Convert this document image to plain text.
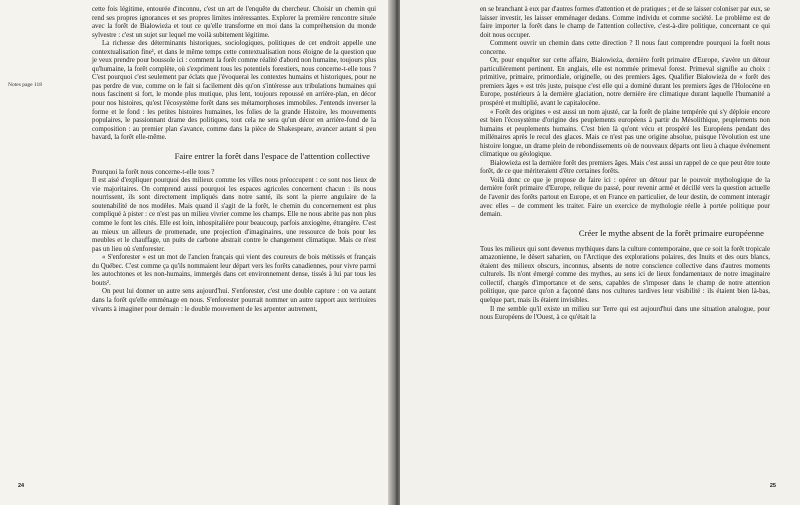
Notes page 118

cette fois légitime, entourée d'inconnu, c'est un art de l'enquête du chercheur. Choisir un chemin qui rend ses propres ignorances et ses propres limites intéressantes. Explorer la première rencontre située avec la forêt de Białowieża et tout ce qu'elle transforme en moi dans la compréhension du monde sylvestre : c'est un sujet sur lequel me voilà subitement légitime.

La richesse des déterminants historiques, sociologiques, politiques de cet endroit appelle une contextualisation fine¹, et dans le même temps cette contextualisation nous éloigne de la question que je veux prendre pour boussole ici : comment la forêt comme réalité d'abord non humaine, toujours plus qu'humaine, la forêt complète, où s'expriment tous les potentiels forestiers, nous concerne-t-elle tous ? C'est pourquoi c'est seulement par éclats que j'évoquerai les contextes humains et historiques, pour ne pas perdre de vue, comme on le fait si facilement dès qu'on s'intéresse aux tribulations humaines qui nous fascinent si fort, le monde plus mutique, plus lent, toujours repoussé en arrière-plan, en décor pour nos histoires, qu'est l'écosystème forêt dans ses métamorphoses immobiles. J'entends inverser la forme et le fond : les petites histoires humaines, les folies de la grande Histoire, les mouvements populaires, le passionnant drame des politiques, tout cela ne sera qu'un décor en arrière-fond de la composition : au premier plan s'avance, comme dans la pièce de Shakespeare, avancer autant si peu bavard, la forêt elle-même.

Faire entrer la forêt dans l'espace de l'attention collective

Pourquoi la forêt nous concerne-t-elle tous ?

Il est aisé d'expliquer pourquoi des milieux comme les villes nous préoccupent : ce sont nos lieux de vie majoritaires. On comprend aussi pourquoi les espaces agricoles concernent chacun : ils nous nourrissent, ils sont directement impliqués dans notre santé, ils sont la pierre angulaire de la soutenabilité de nos modèles. Mais quand il s'agit de la forêt, le chemin du concernement est plus compliqué à pister : ce n'est pas un milieu vivrier comme les champs. Elle ne nous abrite pas non plus comme le font les cités. Elle est loin, inhospitalière pour beaucoup, parfois anxiogène, étrangère. C'est au mieux un ailleurs de promenade, une projection d'imaginaires, une ressource de bois pour les meubles et le chauffage, un puits de carbone abstrait contre le changement climatique. Mais ce n'est pas un lieu où s'enforester.

« S'enforester » est un mot de l'ancien français qui vient des coureurs de bois métissés et français du Québec. C'est comme ça qu'ils nommaient leur départ vers les forêts canadiennes, pour vivre parmi les autochtones et les non-humains, immergés dans cet environnement dense, tissés à lui par tous les bouts².

On peut lui donner un autre sens aujourd'hui. S'enforester, c'est une double capture : on va autant dans la forêt qu'elle emménage en nous. S'enforester pourrait nommer un autre rapport aux territoires vivants à imaginer pour demain : le double mouvement de les arpenter autrement,

24

en se branchant à eux par d'autres formes d'attention et de pratiques ; et de se laisser coloniser par eux, se laisser investir, les laisser emménager dedans. Comme individu et comme société. Le problème est de faire importer la forêt dans le champ de l'attention collective, c'est-à-dire politique, concernant ce qui doit nous occuper.

Comment ouvrir un chemin dans cette direction ? Il nous faut comprendre pourquoi la forêt nous concerne.

Or, pour enquêter sur cette affaire, Białowieża, dernière forêt primaire d'Europe, s'avère un détour particulièrement pertinent. En anglais, elle est nommée primeval forest. Primeval signifie au choix : primitive, primaire, primordiale, originelle, ou des premiers âges. Qualifier Białowieża de « forêt des premiers âges » est très juste, puisque c'est elle qui a dominé durant les premiers âges de l'Holocène en Europe, postérieurs à la dernière glaciation, notre dernière ère climatique durant laquelle l'humanité a prospéré et multiplié, avant le capitalocène.

« Forêt des origines » est aussi un nom ajusté, car la forêt de plaine tempérée qui s'y déploie encore est bien l'écosystème d'origine des peuplements européens à partir du Mésolithique, peuplements non humains et peuplements humains. C'est bien là qu'ont vécu et prospéré les Européens pendant des millénaires après le recul des glaces. Mais ce n'est pas une origine absolue, puisque l'évolution est une histoire longue, un drame plein de rebondissements où de nouveaux départs ont lieu à chaque événement climatique ou géologique.

Białowieża est la dernière forêt des premiers âges. Mais c'est aussi un rappel de ce que peut être toute forêt, de ce que mériteraient d'être certaines forêts.

Voilà donc ce que je propose de faire ici : opérer un détour par le pouvoir mythologique de la dernière forêt primaire d'Europe, relique du passé, pour revenir armé et décillé vers la question actuelle de l'avenir des forêts partout en Europe, et en France en particulier, de leur destin, de comment interagir avec elles – de comment les traiter. Faire un exercice de mythologie réelle à portée politique pour demain.

Créer le mythe absent de la forêt primaire européenne

Tous les milieux qui sont devenus mythiques dans la culture contemporaine, que ce soit la forêt tropicale amazonienne, le désert saharien, ou l'Arctique des explorations polaires, des Inuits et des ours blancs, étaient des milieux obscurs, inconnus, absents de notre conscience collective dans d'autres moments culturels. Ils n'ont émergé comme des mythes, au sens ici de lieux fondamentaux de notre imaginaire collectif, chargés d'importance et de sens, capables de s'imposer dans le champ de notre attention politique, que parce qu'on a façonné dans nos cultures tardives leur visibilité : ils étaient bien là-bas, quelque part, mais ils étaient invisibles.

Il me semble qu'il existe un milieu sur Terre qui est aujourd'hui dans une situation analogue, pour nous Européens de l'Ouest, à ce qu'était la

25
